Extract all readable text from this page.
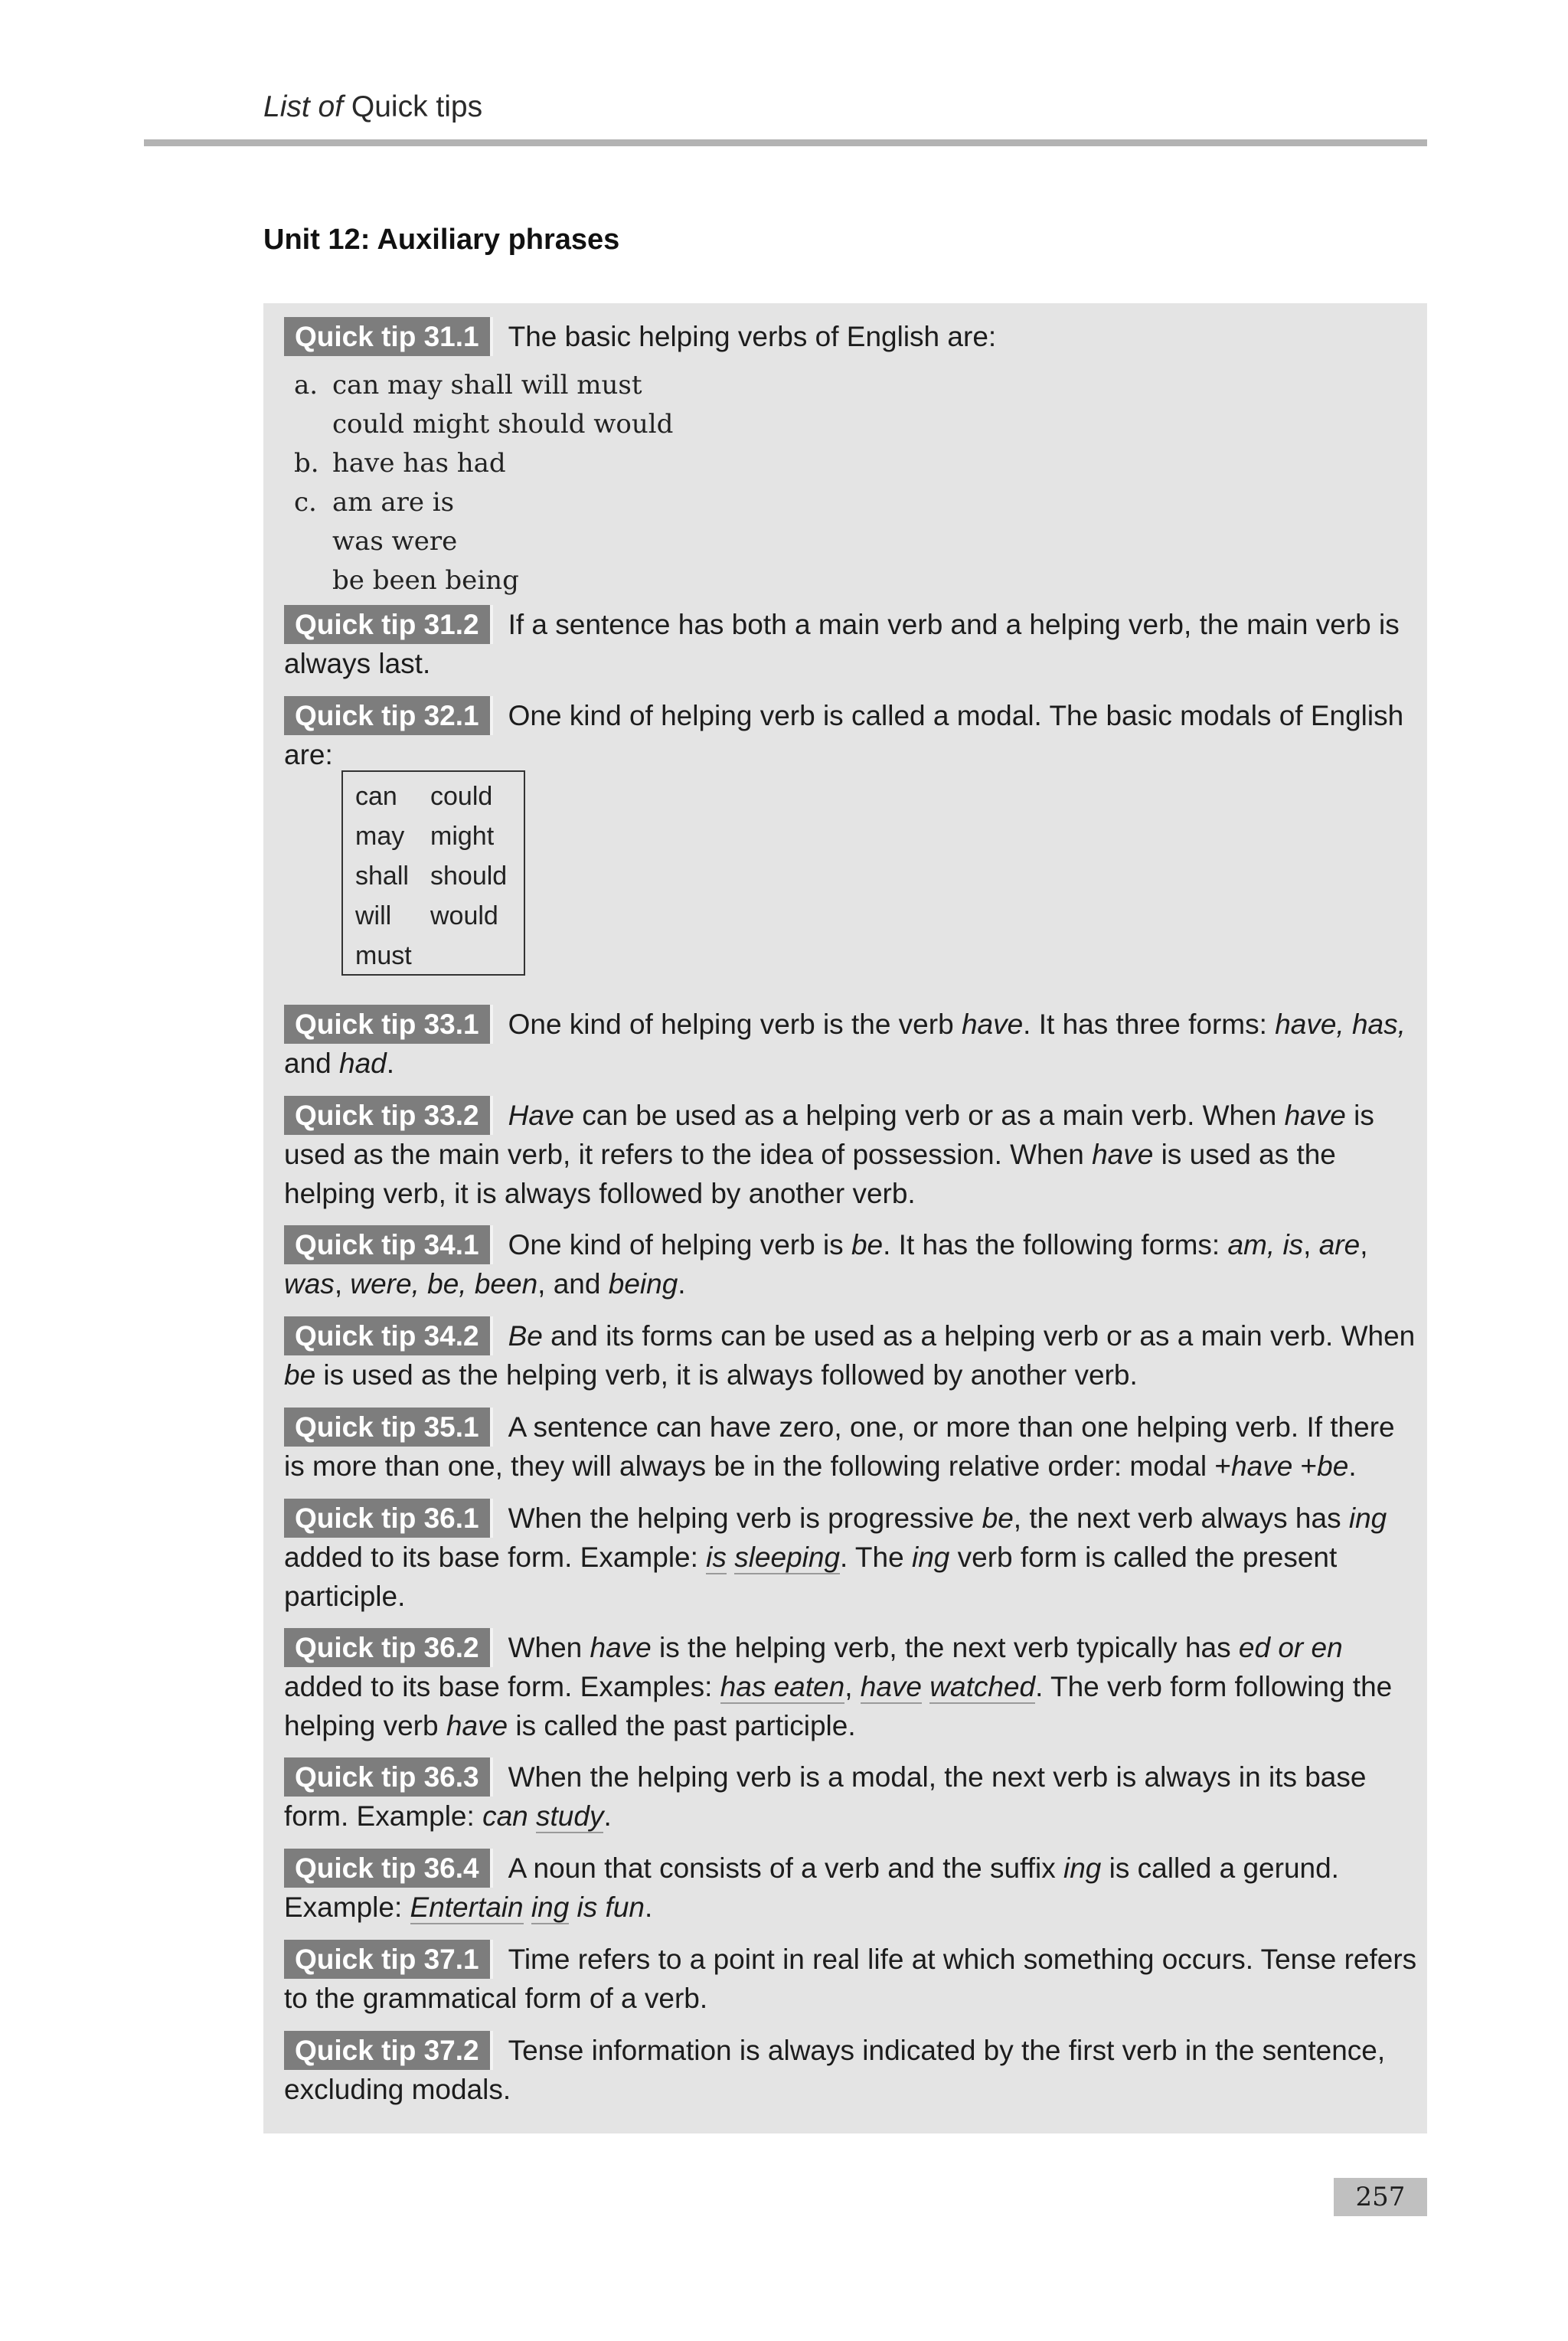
List of Quick tips
Unit 12: Auxiliary phrases
Quick tip 31.1 The basic helping verbs of English are:
a. can may shall will must
could might should would
b. have has had
c. am are is
was were
be been being
Quick tip 31.2 If a sentence has both a main verb and a helping verb, the main verb is always last.
Quick tip 32.1 One kind of helping verb is called a modal. The basic modals of English are:
can	could
may might
shall should
will	would
must
Quick tip 33.1 One kind of helping verb is the verb have. It has three forms: have, has, and had.
Quick tip 33.2 Have can be used as a helping verb or as a main verb. When have is used as the main verb, it refers to the idea of possession. When have is used as the helping verb, it is always followed by another verb.
Quick tip 34.1 One kind of helping verb is be. It has the following forms: am, is, are, was, were, be, been, and being.
Quick tip 34.2 Be and its forms can be used as a helping verb or as a main verb. When be is used as the helping verb, it is always followed by another verb.
Quick tip 35.1 A sentence can have zero, one, or more than one helping verb. If there is more than one, they will always be in the following relative order: modal +have +be.
Quick tip 36.1 When the helping verb is progressive be, the next verb always has ing added to its base form. Example: is sleeping. The ing verb form is called the present participle.
Quick tip 36.2 When have is the helping verb, the next verb typically has ed or en added to its base form. Examples: has eaten, have watched. The verb form following the helping verb have is called the past participle.
Quick tip 36.3 When the helping verb is a modal, the next verb is always in its base form. Example: can study.
Quick tip 36.4 A noun that consists of a verb and the suffix ing is called a gerund. Example: Entertain ing is fun.
Quick tip 37.1 Time refers to a point in real life at which something occurs. Tense refers to the grammatical form of a verb.
Quick tip 37.2 Tense information is always indicated by the first verb in the sentence, excluding modals.
257
